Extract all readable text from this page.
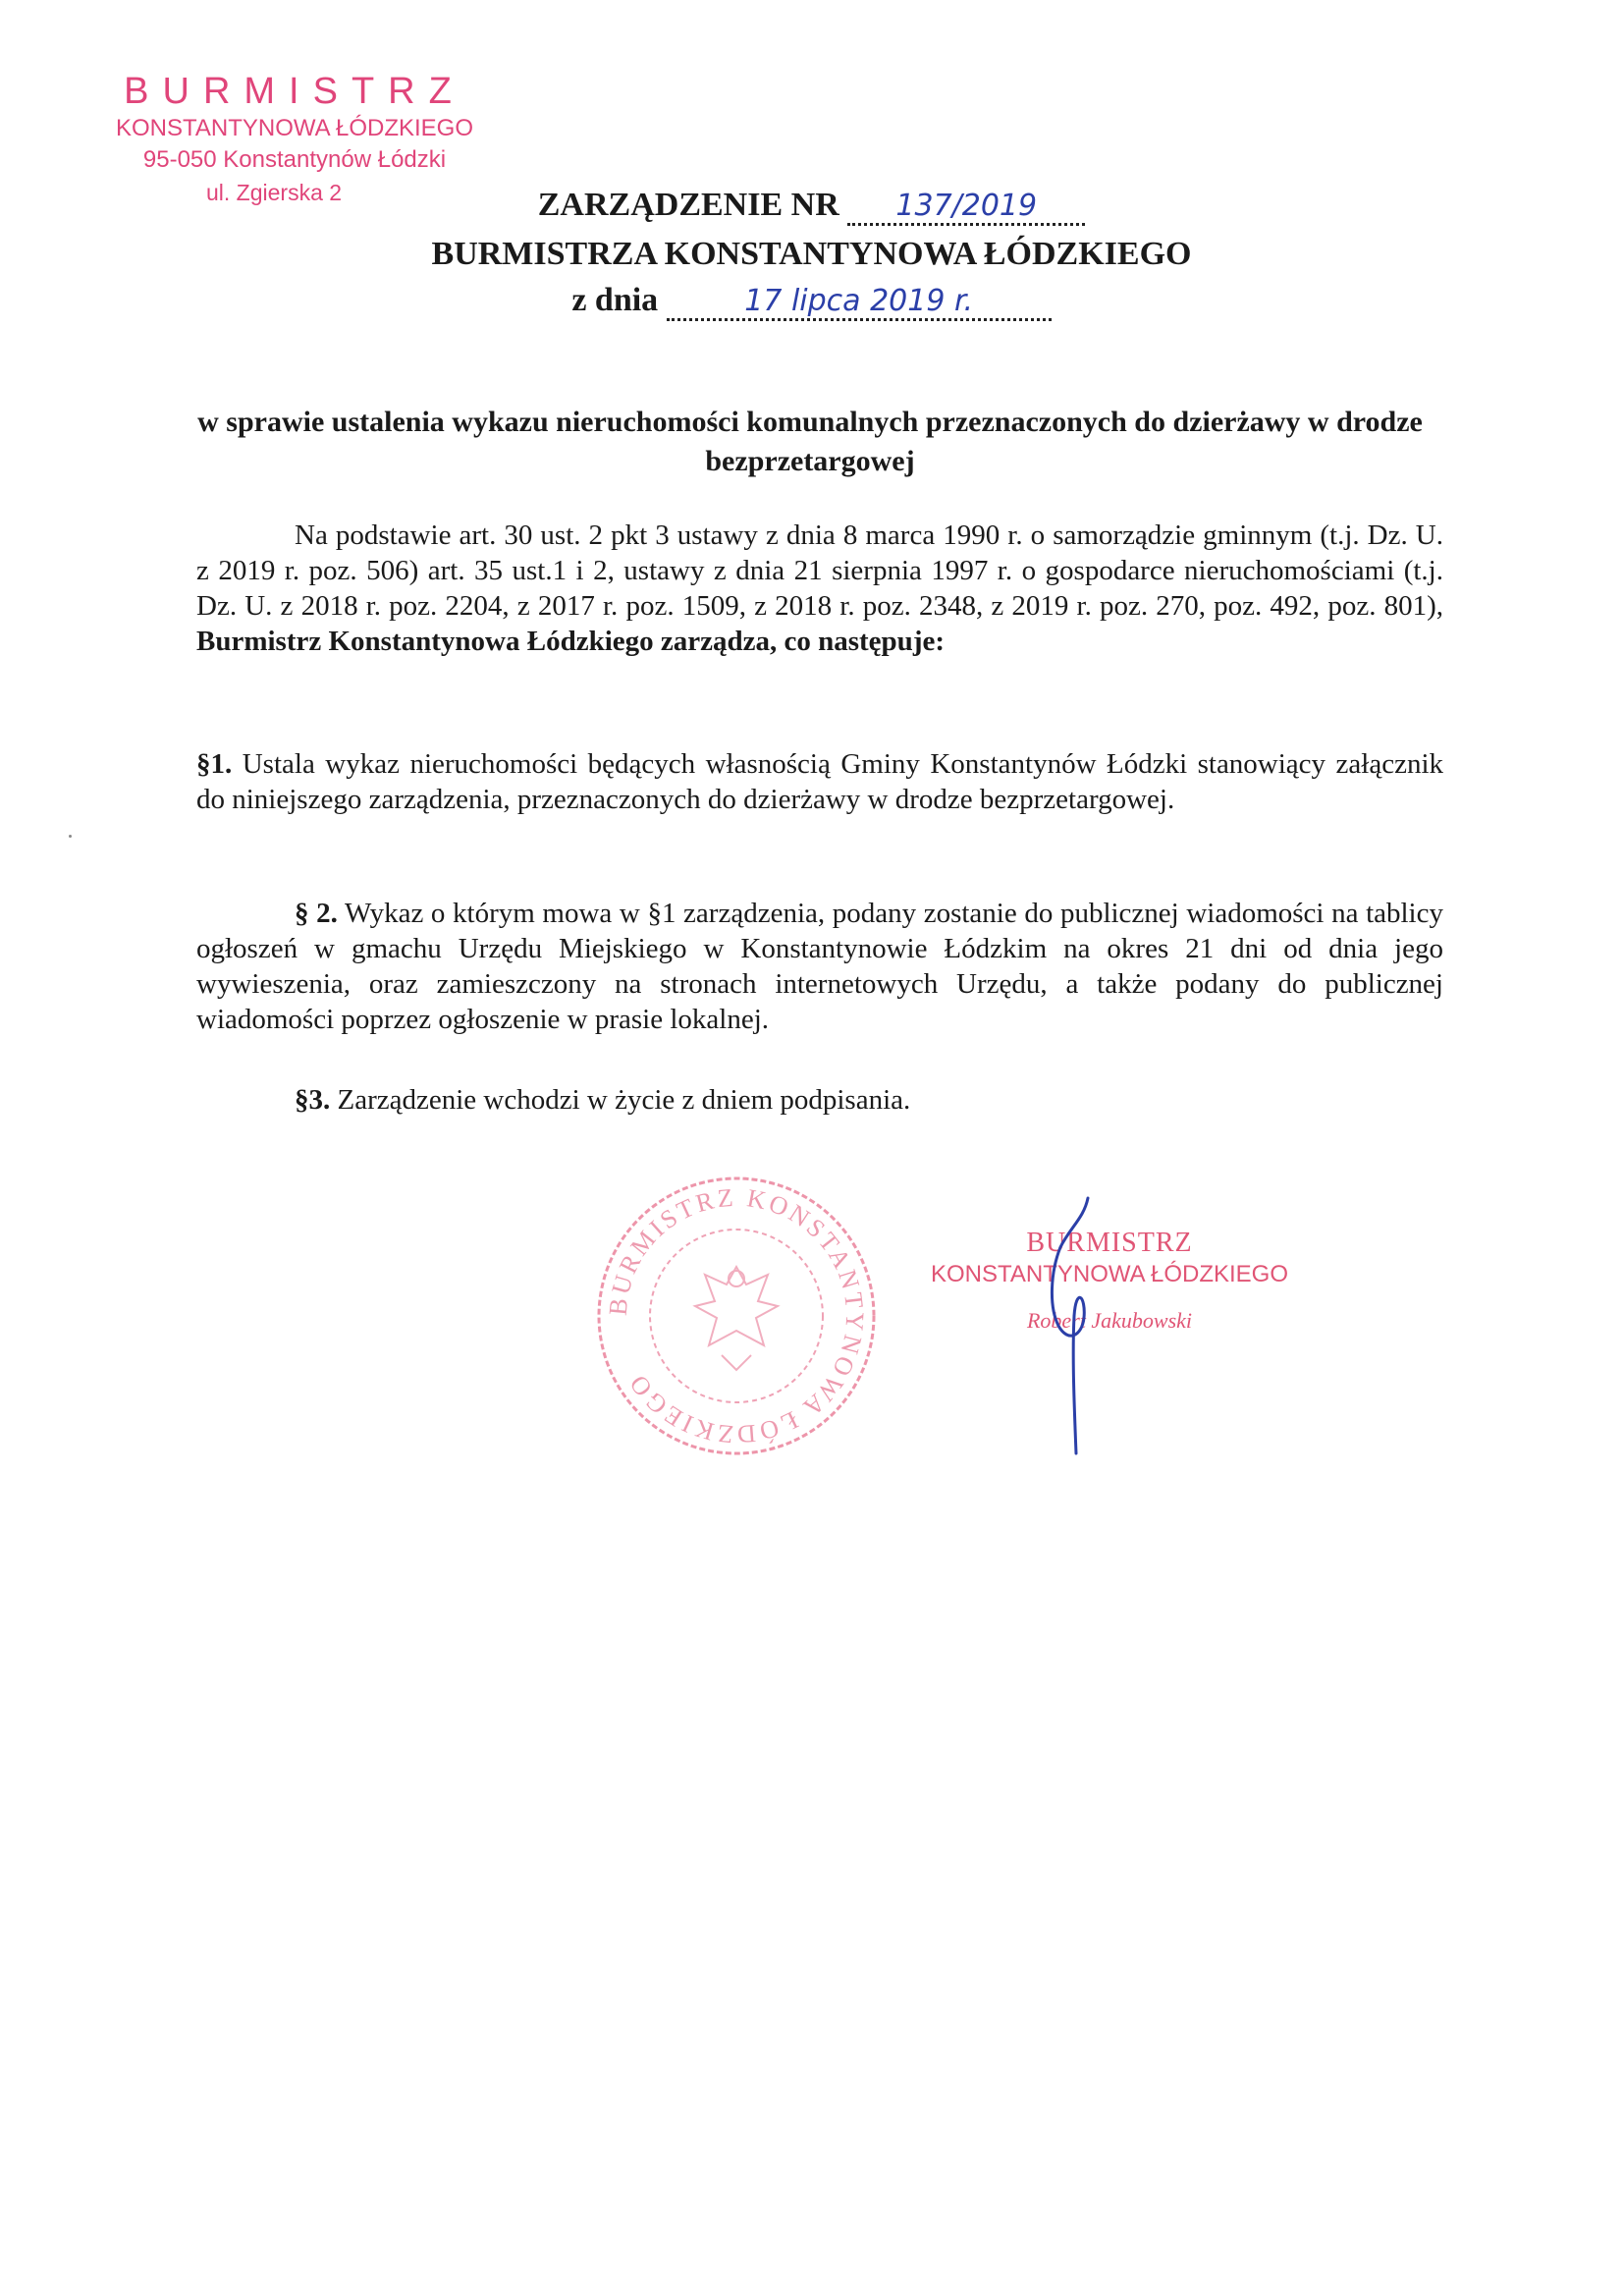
BURMISTRZ
KONSTANTYNOWA ŁÓDZKIEGO
95-050 Konstantynów Łódzki
ul. Zgierska 2	ZARZĄDZENIE NR 137/2019
BURMISTRZA KONSTANTYNOWA ŁÓDZKIEGO
z dnia	17 lipca 2019 r.
w sprawie ustalenia wykazu nieruchomości komunalnych przeznaczonych do dzierżawy w drodze bezprzetargowej
Na podstawie art. 30 ust. 2 pkt 3 ustawy z dnia 8 marca 1990 r. o samorządzie gminnym (t.j. Dz. U. z 2019 r. poz. 506) art. 35 ust.1 i 2, ustawy z dnia 21 sierpnia 1997 r. o gospodarce nieruchomościami (t.j. Dz. U. z 2018 r. poz. 2204, z 2017 r. poz. 1509, z 2018 r. poz. 2348, z 2019 r. poz. 270, poz. 492, poz. 801), Burmistrz Konstantynowa Łódzkiego zarządza, co następuje:
§1. Ustala wykaz nieruchomości będących własnością Gminy Konstantynów Łódzki stanowiący załącznik do niniejszego zarządzenia, przeznaczonych do dzierżawy w drodze bezprzetargowej.
§ 2. Wykaz o którym mowa w §1 zarządzenia, podany zostanie do publicznej wiadomości na tablicy ogłoszeń w gmachu Urzędu Miejskiego w Konstantynowie Łódzkim na okres 21 dni od dnia jego wywieszenia, oraz zamieszczony na stronach internetowych Urzędu, a także podany do publicznej wiadomości poprzez ogłoszenie w prasie lokalnej.
§3. Zarządzenie wchodzi w życie z dniem podpisania.
BURMISTRZ KONSTANTYNOWA ŁÓDZKIEGO
BURMISTRZ
KONSTANTYNOWA ŁÓDZKIEGO
Robert Jakubowski
